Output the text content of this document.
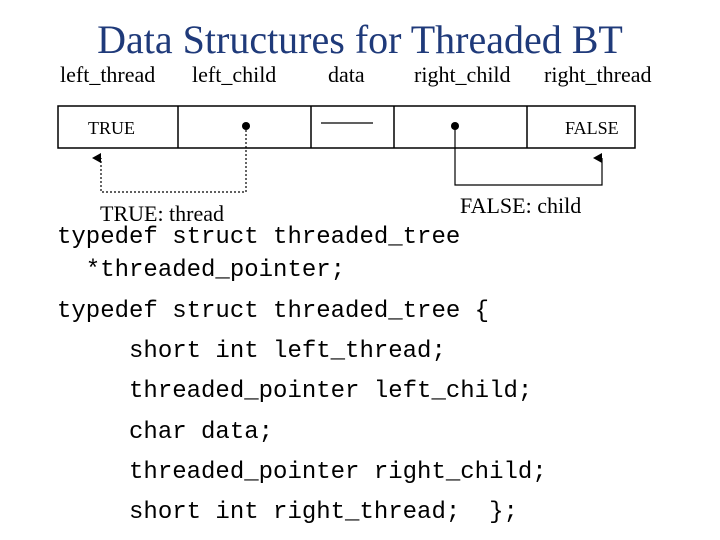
Data Structures for Threaded BT
left_thread left_child data right_child right_thread
TRUE	FALSE
TRUE: thread	FALSE: child
typedef struct threaded_tree
*threaded_pointer;
typedef struct threaded_tree {
short int left_thread;
threaded_pointer left_child;
char data;
threaded_pointer right_child;
short int right_thread;  };
